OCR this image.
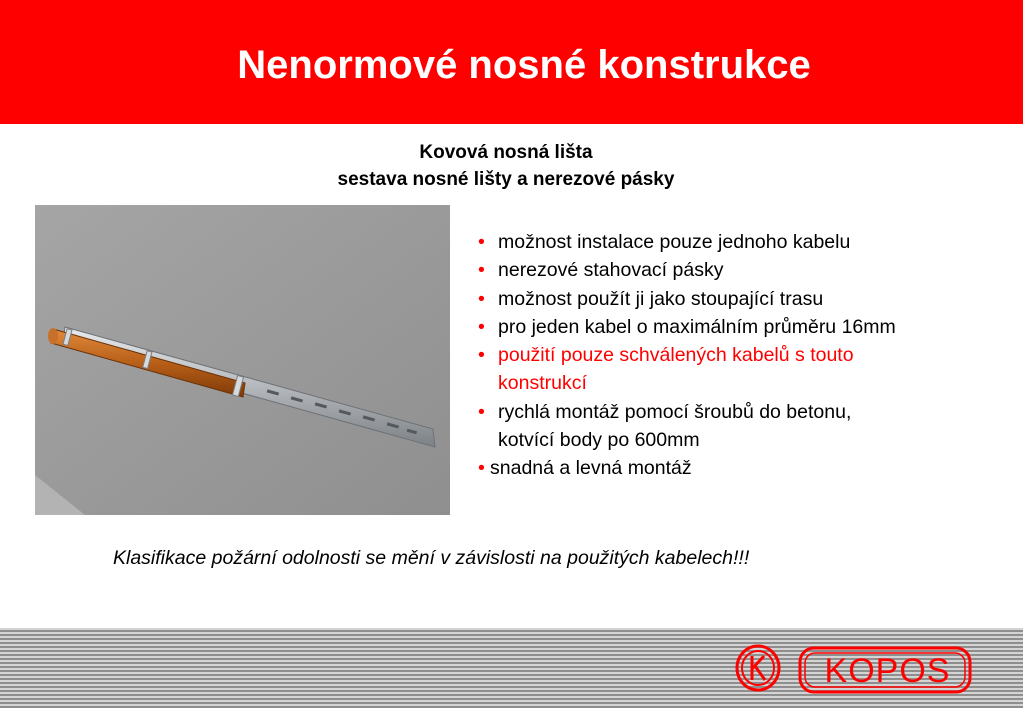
Nenormové nosné konstrukce
Kovová nosná lišta
sestava nosné lišty a nerezové pásky
• možnost instalace pouze jednoho kabelu
• nerezové stahovací pásky
• možnost použít ji jako stoupající trasu
• pro jeden kabel o maximálním průměru 16mm
• použití pouze schválených kabelů s touto
konstrukcí
• rychlá montáž pomocí šroubů do betonu,
kotvící body po 600mm
• snadná a levná montáž
Klasifikace požární odolnosti se mění v závislosti na použitých kabelech!!!
KOPOS
